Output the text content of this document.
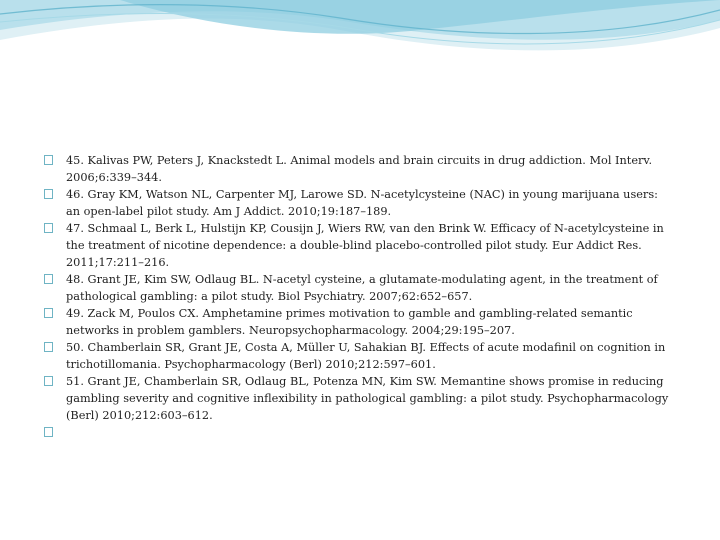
45. Kalivas PW, Peters J, Knackstedt L. Animal models and brain circuits in drug addiction. Mol Interv. 2006;6:339–344.
46. Gray KM, Watson NL, Carpenter MJ, Larowe SD. N-acetylcysteine (NAC) in young marijuana users: an open-label pilot study. Am J Addict. 2010;19:187–189.
47. Schmaal L, Berk L, Hulstijn KP, Cousijn J, Wiers RW, van den Brink W. Efficacy of N-acetylcysteine in the treatment of nicotine dependence: a double-blind placebo-controlled pilot study. Eur Addict Res. 2011;17:211–216.
48. Grant JE, Kim SW, Odlaug BL. N-acetyl cysteine, a glutamate-modulating agent, in the treatment of pathological gambling: a pilot study. Biol Psychiatry. 2007;62:652–657.
49. Zack M, Poulos CX. Amphetamine primes motivation to gamble and gambling-related semantic networks in problem gamblers. Neuropsychopharmacology. 2004;29:195–207.
50. Chamberlain SR, Grant JE, Costa A, Müller U, Sahakian BJ. Effects of acute modafinil on cognition in trichotillomania. Psychopharmacology (Berl) 2010;212:597–601.
51. Grant JE, Chamberlain SR, Odlaug BL, Potenza MN, Kim SW. Memantine shows promise in reducing gambling severity and cognitive inflexibility in pathological gambling: a pilot study. Psychopharmacology (Berl) 2010;212:603–612.
